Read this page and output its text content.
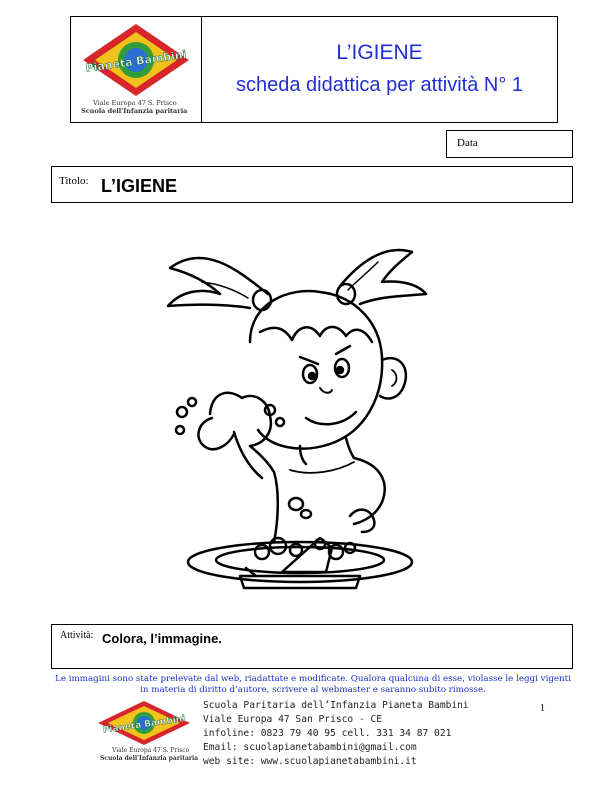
Pianeta Bambini
Viale Europa 47 S. Prisco
Scuola dell'Infanzia paritaria
L’IGIENE
scheda didattica per attività N° 1
Data
Titolo: L’IGIENE
Attività: Colora, l’immagine.
Le immagini sono state prelevate dal web, riadattate e modificate. Qualora qualcuna di esse, violasse le leggi vigenti
in materia di diritto d’autore, scrivere al webmaster e saranno subito rimosse.
1
Pianeta Bambini
Viale Europa 47 S. Prisco
Scuola dell'Infanzia paritaria
Scuola Paritaria dell’Infanzia Pianeta Bambini
Viale Europa 47 San Prisco - CE
infoline: 0823 79 40 95 cell. 331 34 87 021
Email: scuolapianetabambini@gmail.com
web site: www.scuolapianetabambini.it
